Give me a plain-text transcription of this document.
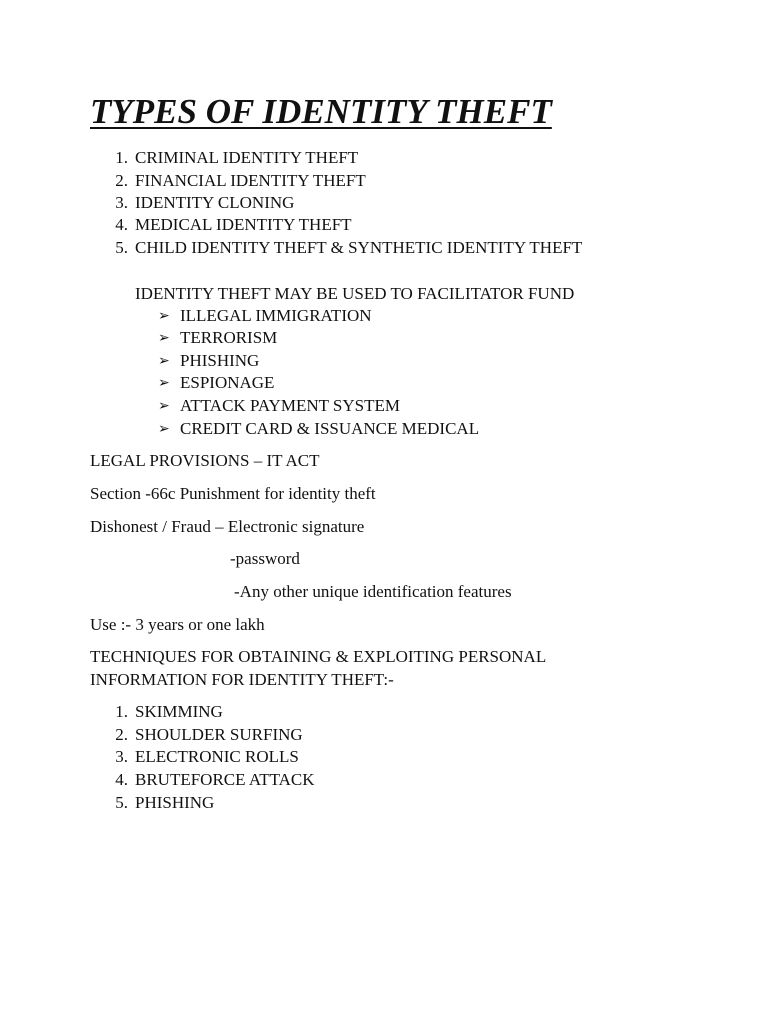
TYPES OF IDENTITY THEFT
1. CRIMINAL IDENTITY THEFT
2. FINANCIAL IDENTITY THEFT
3. IDENTITY CLONING
4. MEDICAL IDENTITY THEFT
5. CHILD IDENTITY THEFT & SYNTHETIC IDENTITY THEFT
IDENTITY THEFT MAY BE USED TO FACILITATOR FUND
➢ ILLEGAL IMMIGRATION
➢ TERRORISM
➢ PHISHING
➢ ESPIONAGE
➢ ATTACK PAYMENT SYSTEM
➢ CREDIT CARD & ISSUANCE MEDICAL
LEGAL PROVISIONS – IT ACT
Section -66c Punishment for identity theft
Dishonest / Fraud – Electronic signature
-password
-Any other unique identification features
Use :- 3 years or one lakh
TECHNIQUES FOR OBTAINING & EXPLOITING PERSONAL
INFORMATION FOR IDENTITY THEFT:-
1. SKIMMING
2. SHOULDER SURFING
3. ELECTRONIC ROLLS
4. BRUTEFORCE ATTACK
5. PHISHING
